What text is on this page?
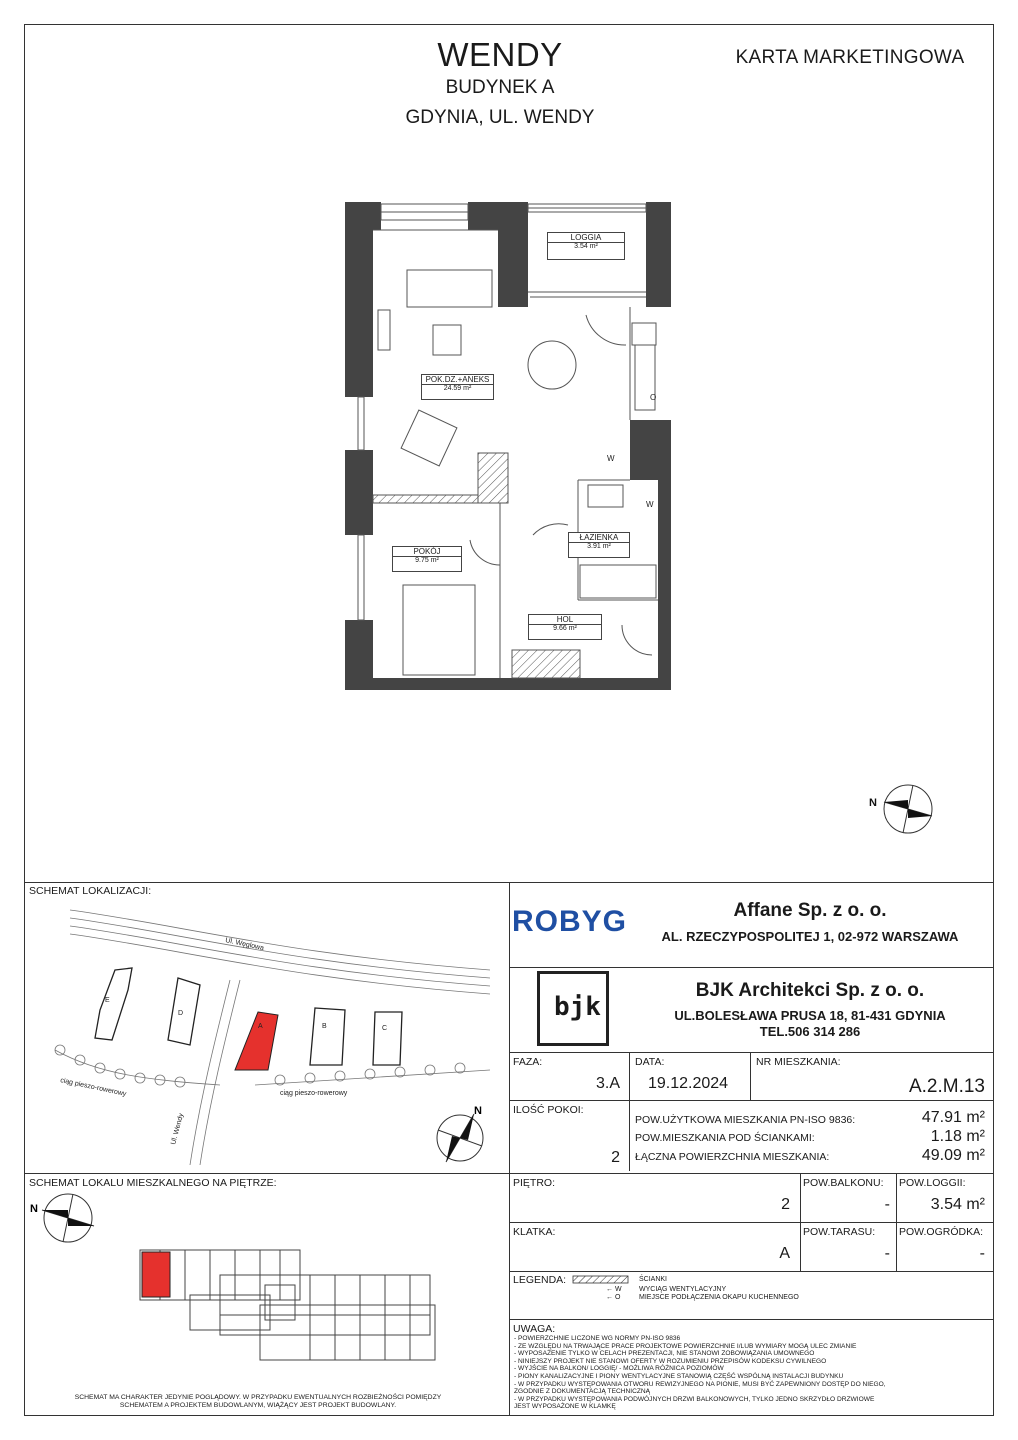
WENDY
BUDYNEK A
GDYNIA, UL. WENDY
KARTA MARKETINGOWA
O
W
W
LOGGIA
3.54 m²
POK.DZ.+ANEKS
24.59 m²
ŁAZIENKA
3.91 m²
POKÓJ
9.75 m²
HOL
9.66 m²
N
SCHEMAT LOKALIZACJI:
E
D
A	B	C
Ul. Węglowa
Ul. Wendy
ciąg pieszo-rowerowy	ciąg pieszo-rowerowy
N
ROBYG	Affane Sp. z o. o.
AL. RZECZYPOSPOLITEJ 1, 02-972 WARSZAWA
bjk
BJK Architekci Sp. z o. o.
UL.BOLESŁAWA PRUSA 18, 81-431 GDYNIA
TEL.506 314 286
FAZA:
3.A
DATA:
19.12.2024
NR MIESZKANIA:
A.2.M.13
ILOŚĆ POKOI:
2
POW.UŻYTKOWA MIESZKANIA PN-ISO 9836:	47.91 m²
POW.MIESZKANIA POD ŚCIANKAMI:	1.18 m²
ŁĄCZNA POWIERZCHNIA MIESZKANIA:	49.09 m²
PIĘTRO:
2
POW.BALKONU:
-
POW.LOGGII:
3.54 m²
KLATKA:
A
POW.TARASU:
-
POW.OGRÓDKA:
-
LEGENDA:	ŚCIANKI
← W WYCIĄG WENTYLACYJNY
← O	MIEJSCE PODŁĄCZENIA OKAPU KUCHENNEGO
UWAGA:
- POWIERZCHNIE LICZONE WG NORMY PN-ISO 9836
- ZE WZGLĘDU NA TRWAJĄCE PRACE PROJEKTOWE POWIERZCHNIE I/LUB WYMIARY MOGĄ ULEC ZMIANIE
- WYPOSAŻENIE TYLKO W CELACH PREZENTACJI, NIE STANOWI ZOBOWIĄZANIA UMOWNEGO
- NINIEJSZY PROJEKT NIE STANOWI OFERTY W ROZUMIENIU PRZEPISÓW KODEKSU CYWILNEGO
- WYJŚCIE NA BALKON/ LOGGIĘ/ - MOŻLIWA RÓŻNICA POZIOMÓW
- PIONY KANALIZACYJNE I PIONY WENTYLACYJNE STANOWIĄ CZĘŚĆ WSPÓLNĄ INSTALACJI BUDYNKU
- W PRZYPADKU WYSTĘPOWANIA OTWORU REWIZYJNEGO NA PIONIE, MUSI BYĆ ZAPEWNIONY DOSTĘP DO NIEGO,
ZGODNIE Z DOKUMENTACJĄ TECHNICZNĄ
- W PRZYPADKU WYSTĘPOWANIA PODWÓJNYCH DRZWI BALKONOWYCH, TYLKO JEDNO SKRZYDŁO DRZWIOWE
JEST WYPOSAŻONE W KLAMKĘ
SCHEMAT LOKALU MIESZKALNEGO NA PIĘTRZE:
N
SCHEMAT MA CHARAKTER JEDYNIE POGLĄDOWY. W PRZYPADKU EWENTUALNYCH ROZBIEŻNOŚCI POMIĘDZY
SCHEMATEM A PROJEKTEM BUDOWLANYM, WIĄŻĄCY JEST PROJEKT BUDOWLANY.
